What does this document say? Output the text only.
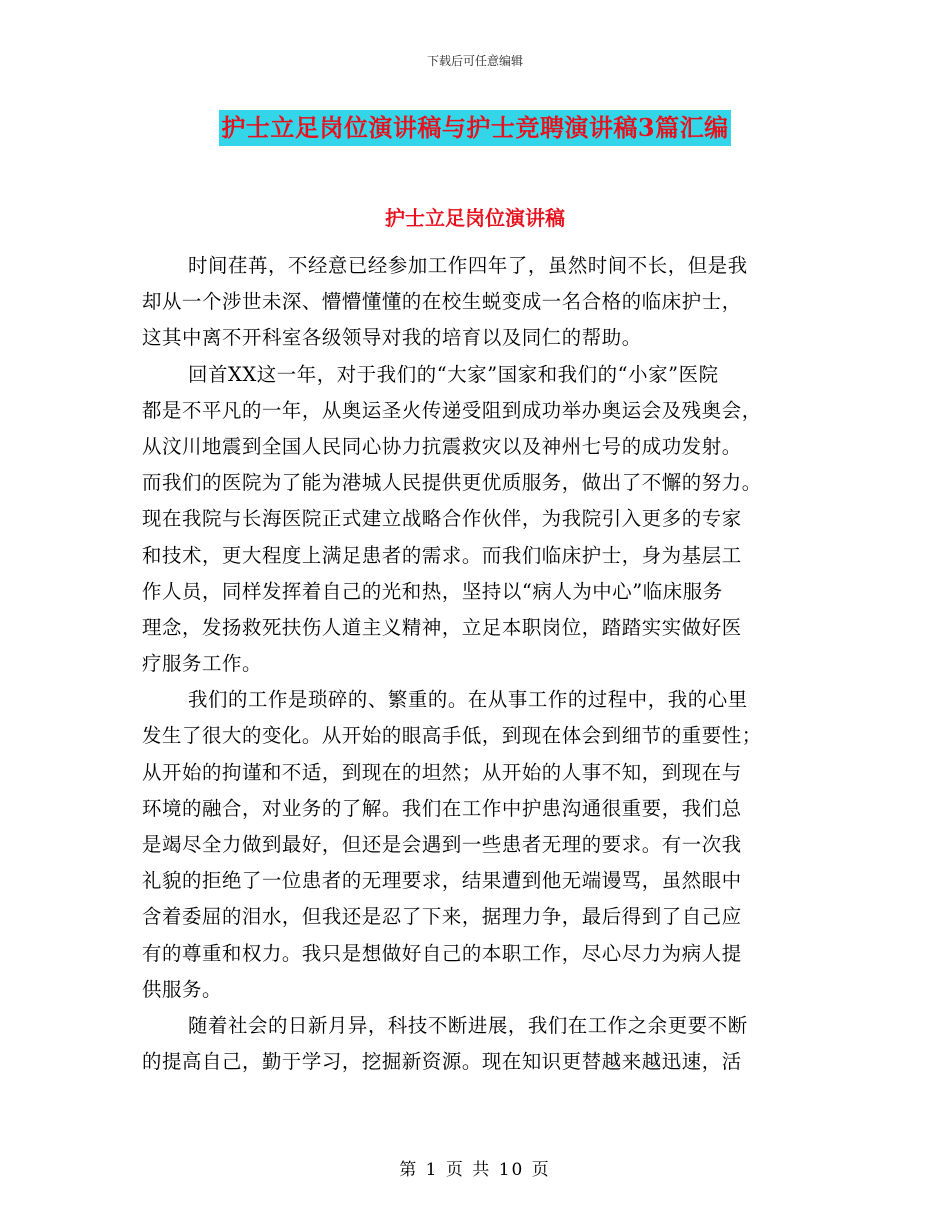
下载后可任意编辑
护士立足岗位演讲稿与护士竞聘演讲稿3篇汇编
护士立足岗位演讲稿
时间荏苒，不经意已经参加工作四年了，虽然时间不长，但是我
却从一个涉世未深、懵懵懂懂的在校生蜕变成一名合格的临床护士，
这其中离不开科室各级领导对我的培育以及同仁的帮助。
回首XX这一年，对于我们的“大家”国家和我们的“小家”医院
都是不平凡的一年，从奥运圣火传递受阻到成功举办奥运会及残奥会，
从汶川地震到全国人民同心协力抗震救灾以及神州七号的成功发射。
而我们的医院为了能为港城人民提供更优质服务，做出了不懈的努力。
现在我院与长海医院正式建立战略合作伙伴，为我院引入更多的专家
和技术，更大程度上满足患者的需求。而我们临床护士，身为基层工
作人员，同样发挥着自己的光和热，坚持以“病人为中心”临床服务
理念，发扬救死扶伤人道主义精神，立足本职岗位，踏踏实实做好医
疗服务工作。
我们的工作是琐碎的、繁重的。在从事工作的过程中，我的心里
发生了很大的变化。从开始的眼高手低，到现在体会到细节的重要性；
从开始的拘谨和不适，到现在的坦然；从开始的人事不知，到现在与
环境的融合，对业务的了解。我们在工作中护患沟通很重要，我们总
是竭尽全力做到最好，但还是会遇到一些患者无理的要求。有一次我
礼貌的拒绝了一位患者的无理要求，结果遭到他无端谩骂，虽然眼中
含着委屈的泪水，但我还是忍了下来，据理力争，最后得到了自己应
有的尊重和权力。我只是想做好自己的本职工作，尽心尽力为病人提
供服务。
随着社会的日新月异，科技不断进展，我们在工作之余更要不断
的提高自己，勤于学习，挖掘新资源。现在知识更替越来越迅速，活
第 1 页 共 10 页
